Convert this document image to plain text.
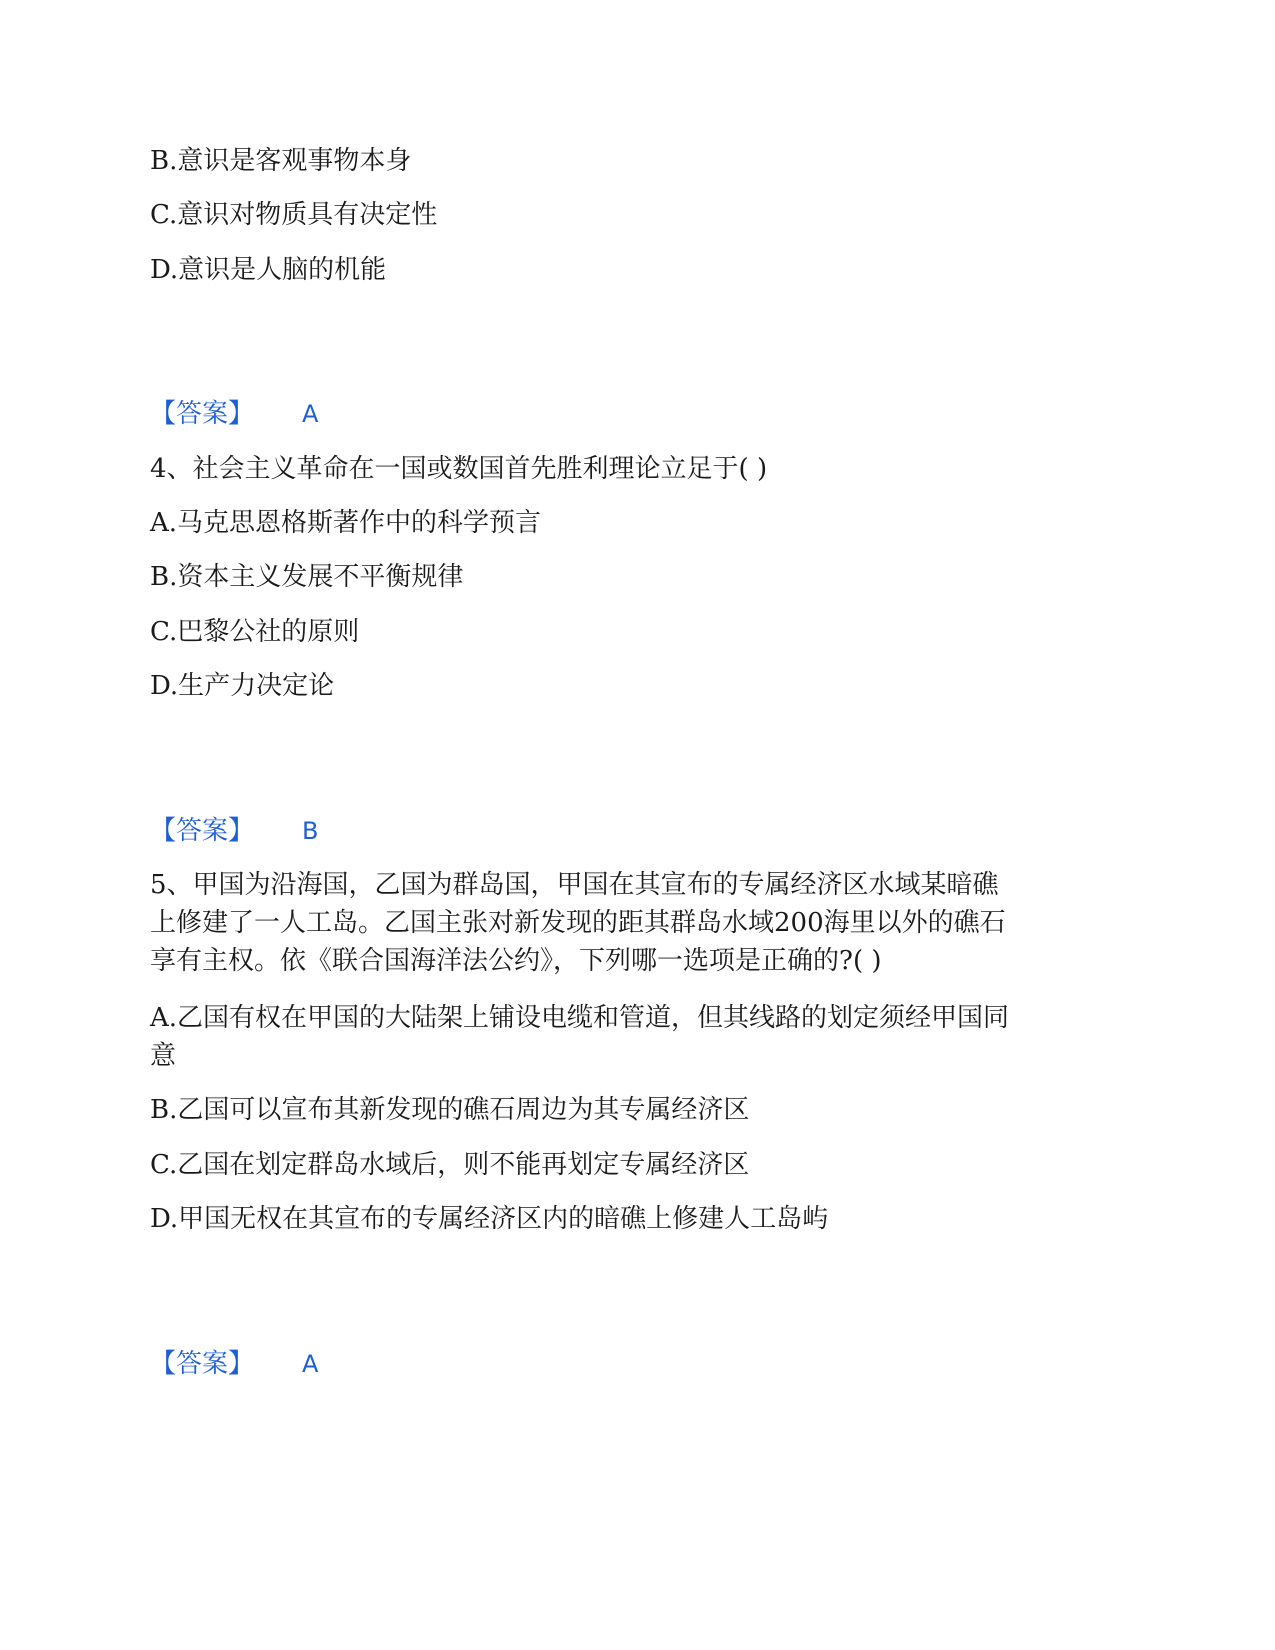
B.意识是客观事物本身
C.意识对物质具有决定性
D.意识是人脑的机能
【答案】 A
4、社会主义革命在一国或数国首先胜利理论立足于( )
A.马克思恩格斯著作中的科学预言
B.资本主义发展不平衡规律
C.巴黎公社的原则
D.生产力决定论
【答案】 B
5、甲国为沿海国，乙国为群岛国，甲国在其宣布的专属经济区水域某暗礁
上修建了一人工岛。乙国主张对新发现的距其群岛水域200海里以外的礁石
享有主权。依《联合国海洋法公约》，下列哪一选项是正确的?( )
A.乙国有权在甲国的大陆架上铺设电缆和管道，但其线路的划定须经甲国同
意
B.乙国可以宣布其新发现的礁石周边为其专属经济区
C.乙国在划定群岛水域后，则不能再划定专属经济区
D.甲国无权在其宣布的专属经济区内的暗礁上修建人工岛屿
【答案】 A
